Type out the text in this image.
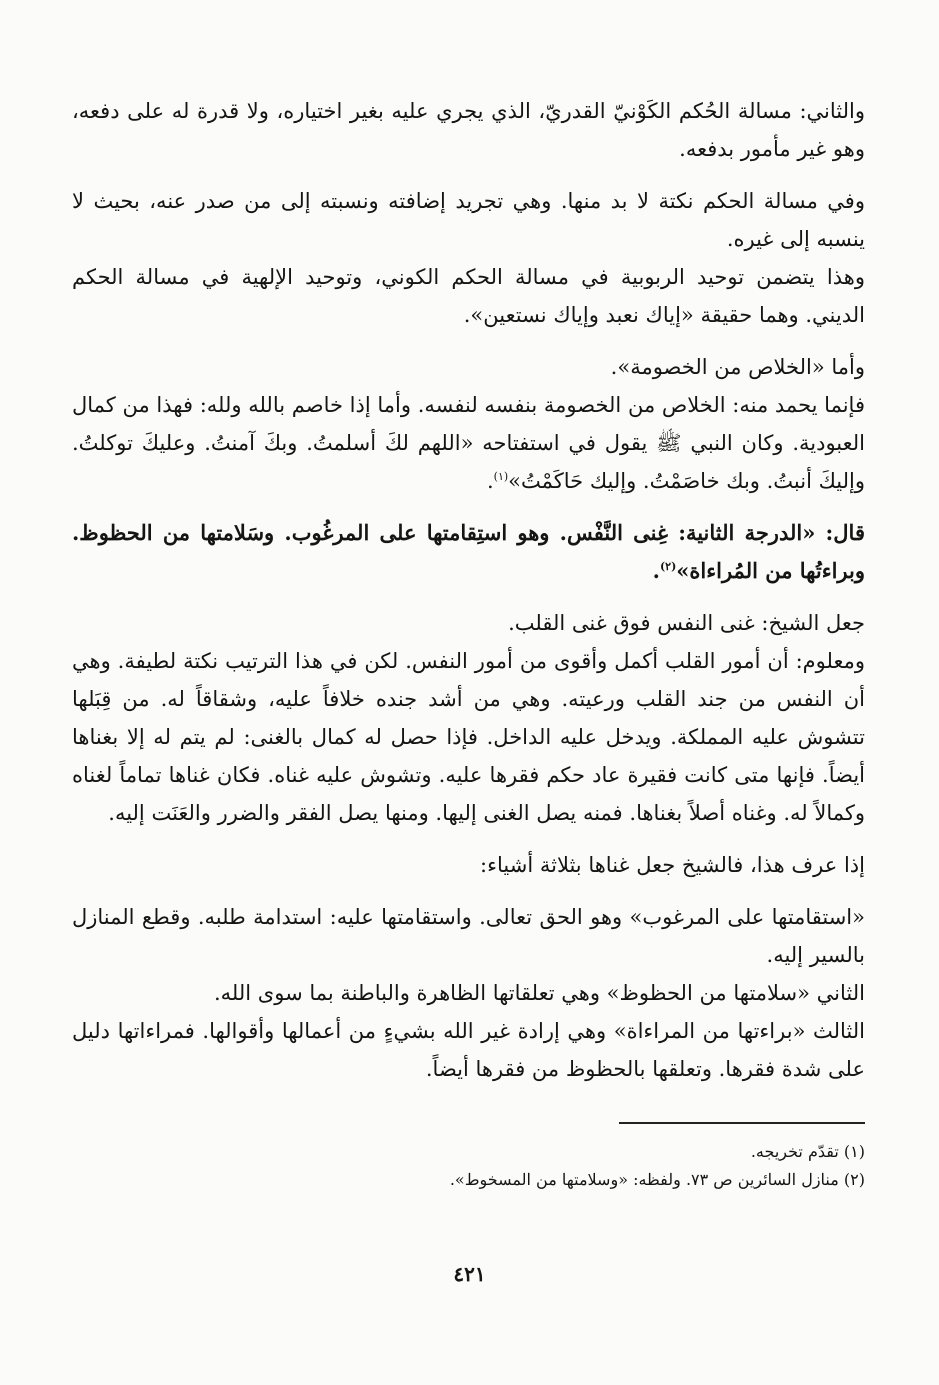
والثاني: مسالة الحُكم الكَوْنيّ القدريّ، الذي يجري عليه بغير اختياره، ولا قدرة له على دفعه، وهو غير مأمور بدفعه.

وفي مسالة الحكم نكتة لا بد منها. وهي تجريد إضافته ونسبته إلى من صدر عنه، بحيث لا ينسبه إلى غيره.

وهذا يتضمن توحيد الربوبية في مسالة الحكم الكوني، وتوحيد الإلهية في مسالة الحكم الديني. وهما حقيقة «إياك نعبد وإياك نستعين».

وأما «الخلاص من الخصومة».

فإنما يحمد منه: الخلاص من الخصومة بنفسه لنفسه. وأما إذا خاصم بالله ولله: فهذا من كمال العبودية. وكان النبي ﷺ يقول في استفتاحه «اللهم لكَ أسلمتُ. وبكَ آمنتُ. وعليكَ توكلتُ. وإليكَ أنبتُ. وبك خاصَمْتُ. وإليك حَاكَمْتُ»$^{(١)}$.

قال: «الدرجة الثانية: غِنى النَّفْس. وهو استِقامتها على المرغُوب. وسَلامتها من الحظوظ. وبراءتُها من المُراءاة»$^{(٢)}$.

جعل الشيخ: غنى النفس فوق غنى القلب.

ومعلوم: أن أمور القلب أكمل وأقوى من أمور النفس. لكن في هذا الترتيب نكتة لطيفة. وهي أن النفس من جند القلب ورعيته. وهي من أشد جنده خلافاً عليه، وشقاقاً له. من قِبَلها تتشوش عليه المملكة. ويدخل عليه الداخل. فإذا حصل له كمال بالغنى: لم يتم له إلا بغناها أيضاً. فإنها متى كانت فقيرة عاد حكم فقرها عليه. وتشوش عليه غناه. فكان غناها تماماً لغناه وكمالاً له. وغناه أصلاً بغناها. فمنه يصل الغنى إليها. ومنها يصل الفقر والضرر والعَنَت إليه.

إذا عرف هذا، فالشيخ جعل غناها بثلاثة أشياء:

«استقامتها على المرغوب» وهو الحق تعالى. واستقامتها عليه: استدامة طلبه. وقطع المنازل بالسير إليه.

الثاني «سلامتها من الحظوظ» وهي تعلقاتها الظاهرة والباطنة بما سوى الله.

الثالث «براءتها من المراءاة» وهي إرادة غير الله بشيءٍ من أعمالها وأقوالها. فمراءاتها دليل على شدة فقرها. وتعلقها بالحظوظ من فقرها أيضاً.

(١) تقدّم تخريجه.

(٢) منازل السائرين ص ٧٣. ولفظه: «وسلامتها من المسخوط».

٤٢١
